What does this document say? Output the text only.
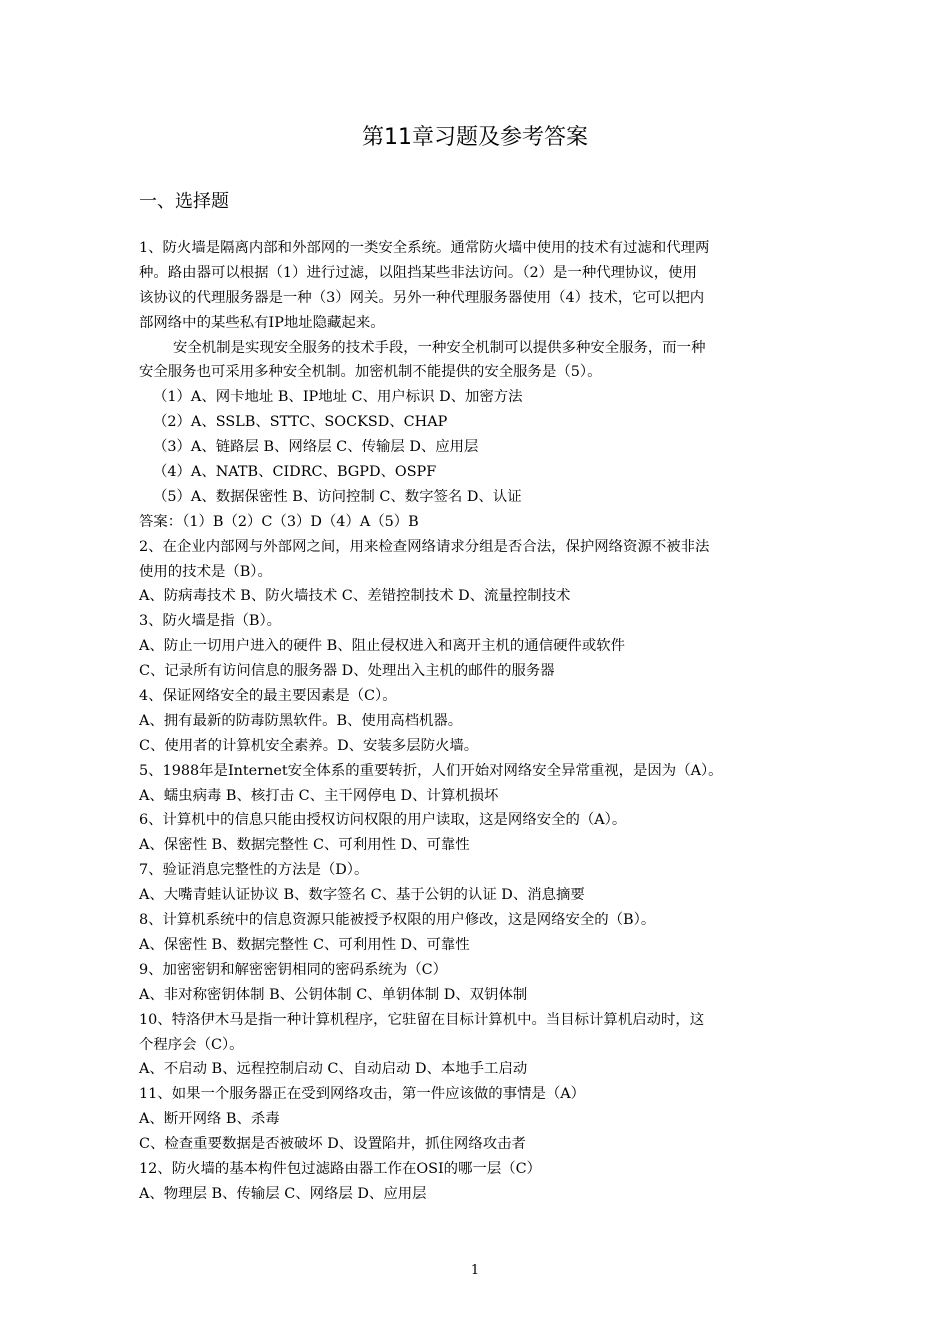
第11章习题及参考答案
一、选择题
1、防火墙是隔离内部和外部网的一类安全系统。通常防火墙中使用的技术有过滤和代理两
种。路由器可以根据（1）进行过滤，以阻挡某些非法访问。（2）是一种代理协议，使用
该协议的代理服务器是一种（3）网关。另外一种代理服务器使用（4）技术，它可以把内
部网络中的某些私有IP地址隐藏起来。
安全机制是实现安全服务的技术手段，一种安全机制可以提供多种安全服务，而一种
安全服务也可采用多种安全机制。加密机制不能提供的安全服务是（5）。
（1）A、网卡地址 B、IP地址 C、用户标识 D、加密方法
（2）A、SSLB、STTC、SOCKSD、CHAP
（3）A、链路层 B、网络层 C、传输层 D、应用层
（4）A、NATB、CIDRC、BGPD、OSPF
（5）A、数据保密性 B、访问控制 C、数字签名 D、认证
答案：（1）B（2）C（3）D（4）A（5）B
2、在企业内部网与外部网之间，用来检查网络请求分组是否合法，保护网络资源不被非法
使用的技术是（B）。
A、防病毒技术 B、防火墙技术 C、差错控制技术 D、流量控制技术
3、防火墙是指（B）。
A、防止一切用户进入的硬件 B、阻止侵权进入和离开主机的通信硬件或软件
C、记录所有访问信息的服务器 D、处理出入主机的邮件的服务器
4、保证网络安全的最主要因素是（C）。
A、拥有最新的防毒防黑软件。B、使用高档机器。
C、使用者的计算机安全素养。D、安装多层防火墙。
5、1988年是Internet安全体系的重要转折，人们开始对网络安全异常重视，是因为（A）。
A、蠕虫病毒 B、核打击 C、主干网停电 D、计算机损坏
6、计算机中的信息只能由授权访问权限的用户读取，这是网络安全的（A）。
A、保密性 B、数据完整性 C、可利用性 D、可靠性
7、验证消息完整性的方法是（D）。
A、大嘴青蛙认证协议 B、数字签名 C、基于公钥的认证 D、消息摘要
8、计算机系统中的信息资源只能被授予权限的用户修改，这是网络安全的（B）。
A、保密性 B、数据完整性 C、可利用性 D、可靠性
9、加密密钥和解密密钥相同的密码系统为（C）
A、非对称密钥体制 B、公钥体制 C、单钥体制 D、双钥体制
10、特洛伊木马是指一种计算机程序，它驻留在目标计算机中。当目标计算机启动时，这
个程序会（C）。
A、不启动 B、远程控制启动 C、自动启动 D、本地手工启动
11、如果一个服务器正在受到网络攻击，第一件应该做的事情是（A）
A、断开网络 B、杀毒
C、检查重要数据是否被破坏 D、设置陷井，抓住网络攻击者
12、防火墙的基本构件包过滤路由器工作在OSI的哪一层（C）
A、物理层 B、传输层 C、网络层 D、应用层
1
